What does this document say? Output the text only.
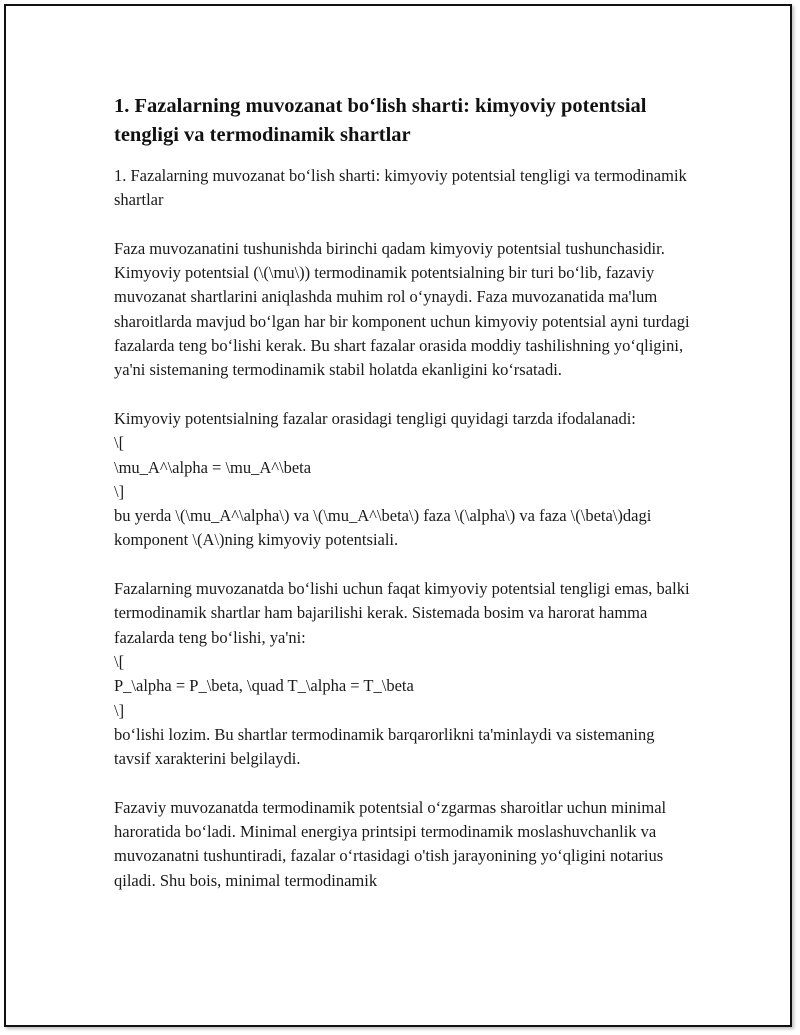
1. Fazalarning muvozanat bo‘lish sharti: kimyoviy potentsial tengligi va termodinamik shartlar

1. Fazalarning muvozanat bo‘lish sharti: kimyoviy potentsial tengligi va termodinamik shartlar

Faza muvozanatini tushunishda birinchi qadam kimyoviy potentsial tushunchasidir. Kimyoviy potentsial (\(\mu\)) termodinamik potentsialning bir turi bo‘lib, fazaviy muvozanat shartlarini aniqlashda muhim rol o‘ynaydi. Faza muvozanatida ma'lum sharoitlarda mavjud bo‘lgan har bir komponent uchun kimyoviy potentsial ayni turdagi fazalarda teng bo‘lishi kerak. Bu shart fazalar orasida moddiy tashilishning yo‘qligini, ya'ni sistemaning termodinamik stabil holatda ekanligini ko‘rsatadi.

Kimyoviy potentsialning fazalar orasidagi tengligi quyidagi tarzda ifodalanadi:
\[
\mu_A^\alpha = \mu_A^\beta
\]
bu yerda \(\mu_A^\alpha\) va \(\mu_A^\beta\) faza \(\alpha\) va faza \(\beta\)dagi komponent \(A\)ning kimyoviy potentsiali.
Fazalarning muvozanatda bo‘lishi uchun faqat kimyoviy potentsial tengligi emas, balki termodinamik shartlar ham bajarilishi kerak. Sistemada bosim va harorat hamma fazalarda teng bo‘lishi, ya'ni:
\[
P_\alpha = P_\beta, \quad T_\alpha = T_\beta
\]
bo‘lishi lozim. Bu shartlar termodinamik barqarorlikni ta'minlaydi va sistemaning tavsif xarakterini belgilaydi.

Fazaviy muvozanatda termodinamik potentsial o‘zgarmas sharoitlar uchun minimal haroratida bo‘ladi. Minimal energiya printsipi termodinamik moslashuvchanlik va muvozanatni tushuntiradi, fazalar o‘rtasidagi o'tish jarayonining yo‘qligini notarius qiladi. Shu bois, minimal termodinamik
